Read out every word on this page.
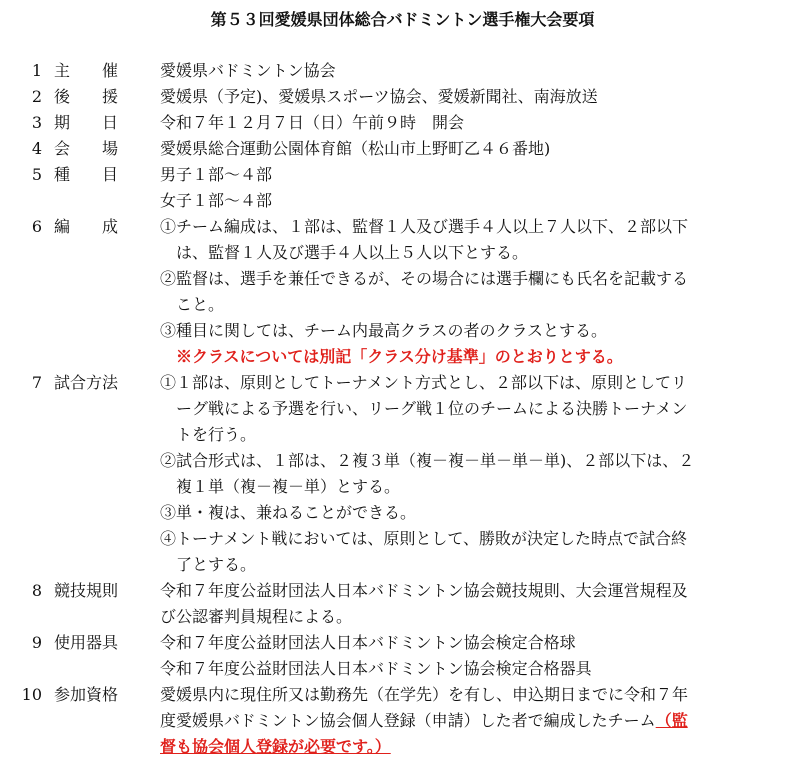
第５３回愛媛県団体総合バドミントン選手権大会要項
1 主　　催	愛媛県バドミントン協会
2 後　　援	愛媛県（予定)、愛媛県スポーツ協会、愛媛新聞社、南海放送
3 期　　日	令和７年１２月７日（日）午前９時　開会
4 会　　場	愛媛県総合運動公園体育館（松山市上野町乙４６番地)
5 種　　目	男子１部～４部
女子１部～４部
6 編　　成	①チーム編成は、１部は、監督１人及び選手４人以上７人以下、２部以下
　は、監督１人及び選手４人以上５人以下とする。
②監督は、選手を兼任できるが、その場合には選手欄にも氏名を記載する
　こと。
③種目に関しては、チーム内最高クラスの者のクラスとする。
※クラスについては別記「クラス分け基準」のとおりとする。
7 試合方法	①１部は、原則としてトーナメント方式とし、２部以下は、原則としてリ
　ーグ戦による予選を行い、リーグ戦１位のチームによる決勝トーナメン
　トを行う。
②試合形式は、１部は、２複３単（複－複－単－単－単)、２部以下は、２
　複１単（複－複－単）とする。
③単・複は、兼ねることができる。
④トーナメント戦においては、原則として、勝敗が決定した時点で試合終
　了とする。
8 競技規則	令和７年度公益財団法人日本バドミントン協会競技規則、大会運営規程及
び公認審判員規程による。
9 使用器具	令和７年度公益財団法人日本バドミントン協会検定合格球
令和７年度公益財団法人日本バドミントン協会検定合格器具
10 参加資格	愛媛県内に現住所又は勤務先（在学先）を有し、申込期日までに令和７年
度愛媛県バドミントン協会個人登録（申請）した者で編成したチーム（監
督も協会個人登録が必要です。）
